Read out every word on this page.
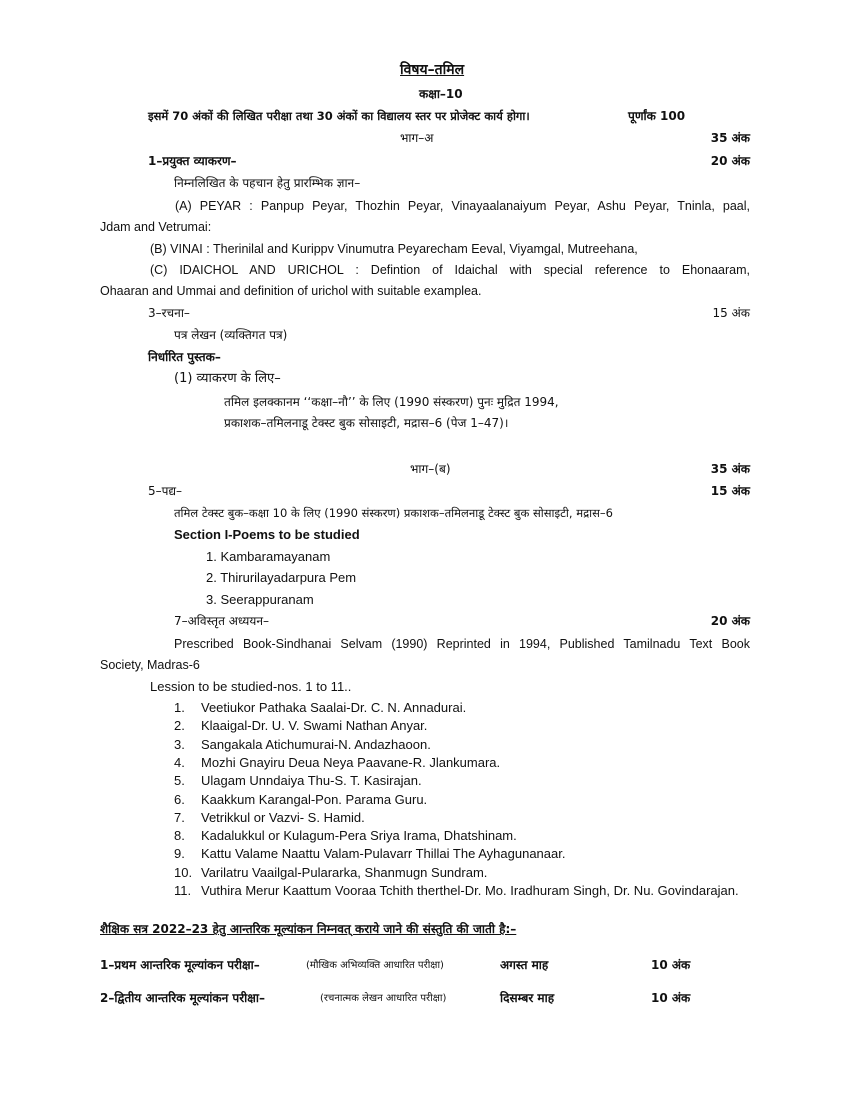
विषय–तमिल
कक्षा–10
इसमें 70 अंकों की लिखित परीक्षा तथा 30 अंकों का विद्यालय स्तर पर प्रोजेक्ट कार्य होगा।	पूर्णांक 100
भाग–अ	35 अंक
1–प्रयुक्त व्याकरण–	20 अंक
निम्नलिखित के पहचान हेतु प्रारम्भिक ज्ञान–
(A) PEYAR : Panpup Peyar, Thozhin Peyar, Vinayaalanaiyum Peyar, Ashu Peyar, Tninla, paal,
Jdam and Vetrumai:
(B) VINAI : Therinilal and Kurippv Vinumutra Peyarecham Eeval, Viyamgal, Mutreehana,
(C) IDAICHOL AND URICHOL : Defintion of Idaichal with special reference to Ehonaaram,
Ohaaran and Ummai and definition of urichol with suitable examplea.
3–रचना–	15 अंक
पत्र लेखन (व्यक्तिगत पत्र)
निर्धारित पुस्तक–
(1) व्याकरण के लिए–
तमिल इलक्कानम ‘‘कक्षा–नौ’’ के लिए (1990 संस्करण) पुनः मुद्रित 1994,
प्रकाशक–तमिलनाडू टेक्स्ट बुक सोसाइटी, मद्रास–6 (पेज 1–47)।
भाग–(ब)	35 अंक
5–पद्य–	15 अंक
तमिल टेक्स्ट बुक–कक्षा 10 के लिए (1990 संस्करण) प्रकाशक–तमिलनाडू टेक्स्ट बुक सोसाइटी, मद्रास–6
Section I-Poems to be studied
1. Kambaramayanam
2. Thirurilayadarpura Pem
3. Seerappuranam
7–अविस्तृत अध्ययन–	20 अंक
Prescribed Book-Sindhanai Selvam (1990) Reprinted in 1994, Published Tamilnadu Text Book
Society, Madras-6
Lession to be studied-nos. 1 to 11..
1.	Veetiukor Pathaka Saalai-Dr. C. N. Annadurai.
2.	Klaaigal-Dr. U. V. Swami Nathan Anyar.
3.	Sangakala Atichumurai-N. Andazhaoon.
4.	Mozhi Gnayiru Deua Neya Paavane-R. Jlankumara.
5.	Ulagam Unndaiya Thu-S. T. Kasirajan.
6.	Kaakkum Karangal-Pon. Parama Guru.
7.	Vetrikkul or Vazvi- S. Hamid.
8.	Kadalukkul or Kulagum-Pera Sriya Irama, Dhatshinam.
9.	Kattu Valame Naattu Valam-Pulavarr Thillai The Ayhagunanaar.
10. Varilatru Vaailgal-Pulararka, Shanmugn Sundram.
11. Vuthira Merur Kaattum Vooraa Tchith therthel-Dr. Mo. Iradhuram Singh, Dr. Nu. Govindarajan.
शैक्षिक सत्र 2022–23 हेतु आन्तरिक मूल्यांकन निम्नवत् कराये जाने की संस्तुति की जाती है:–
1–प्रथम आन्तरिक मूल्यांकन परीक्षा–	(मौखिक अभिव्यक्ति आधारित परीक्षा)	अगस्त माह	10 अंक
2–द्वितीय आन्तरिक मूल्यांकन परीक्षा–	(रचनात्मक लेखन आधारित परीक्षा)	दिसम्बर माह	10 अंक
